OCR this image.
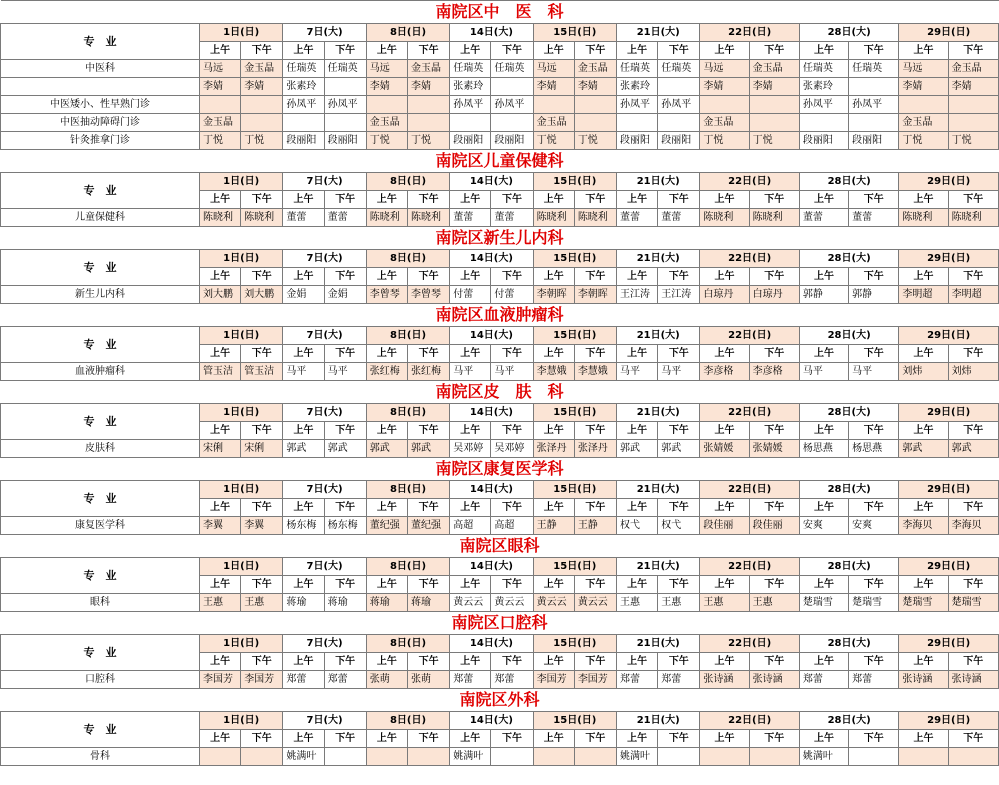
南院区中　医　科																		
专　业	1日(日)		7日(大)		8日(日)		14日(大)		15日(日)		21日(大)		22日(日)		28日(大)		29日(日)	
	上午	下午	上午	下午	上午	下午	上午	下午	上午	下午	上午	下午	上午	下午	上午	下午	上午	下午
中医科	马远	金玉晶	任瑞英	任瑞英	马远	金玉晶	任瑞英	任瑞英	马远	金玉晶	任瑞英	任瑞英	马远	金玉晶	任瑞英	任瑞英	马远	金玉晶
	李婧	李婧	张素玲		李婧	李婧	张素玲		李婧	李婧	张素玲		李婧	李婧	张素玲		李婧	李婧
中医矮小、性早熟门诊			孙凤平	孙凤平			孙凤平	孙凤平			孙凤平	孙凤平			孙凤平	孙凤平		
中医抽动障碍门诊	金玉晶				金玉晶				金玉晶				金玉晶				金玉晶	
针灸推拿门诊	丁悦	丁悦	段丽阳	段丽阳	丁悦	丁悦	段丽阳	段丽阳	丁悦	丁悦	段丽阳	段丽阳	丁悦	丁悦	段丽阳	段丽阳	丁悦	丁悦
南院区儿童保健科																		
专　业	1日(日)		7日(大)		8日(日)		14日(大)		15日(日)		21日(大)		22日(日)		28日(大)		29日(日)	
	上午	下午	上午	下午	上午	下午	上午	下午	上午	下午	上午	下午	上午	下午	上午	下午	上午	下午
儿童保健科	陈晓利	陈晓利	董蕾	董蕾	陈晓利	陈晓利	董蕾	董蕾	陈晓利	陈晓利	董蕾	董蕾	陈晓利	陈晓利	董蕾	董蕾	陈晓利	陈晓利
南院区新生儿内科																		
专　业	1日(日)		7日(大)		8日(日)		14日(大)		15日(日)		21日(大)		22日(日)		28日(大)		29日(日)	
	上午	下午	上午	下午	上午	下午	上午	下午	上午	下午	上午	下午	上午	下午	上午	下午	上午	下午
新生儿内科	刘大鹏	刘大鹏	金娟	金娟	李曾琴	李曾琴	付蕾	付蕾	李朝晖	李朝晖	王江涛	王江涛	白琼丹	白琼丹	郭静	郭静	李明超	李明超
南院区血液肿瘤科																		
专　业	1日(日)		7日(大)		8日(日)		14日(大)		15日(日)		21日(大)		22日(日)		28日(大)		29日(日)	
	上午	下午	上午	下午	上午	下午	上午	下午	上午	下午	上午	下午	上午	下午	上午	下午	上午	下午
血液肿瘤科	管玉洁	管玉洁	马平	马平	张红梅	张红梅	马平	马平	李慧娥	李慧娥	马平	马平	李彦格	李彦格	马平	马平	刘炜	刘炜
南院区皮　肤　科																		
专　业	1日(日)		7日(大)		8日(日)		14日(大)		15日(日)		21日(大)		22日(日)		28日(大)		29日(日)	
	上午	下午	上午	下午	上午	下午	上午	下午	上午	下午	上午	下午	上午	下午	上午	下午	上午	下午
皮肤科	宋俐	宋俐	郭武	郭武	郭武	郭武	吴邓婷	吴邓婷	张泽丹	张泽丹	郭武	郭武	张婧媛	张婧媛	杨思燕	杨思燕	郭武	郭武
南院区康复医学科																		
专　业	1日(日)		7日(大)		8日(日)		14日(大)		15日(日)		21日(大)		22日(日)		28日(大)		29日(日)	
	上午	下午	上午	下午	上午	下午	上午	下午	上午	下午	上午	下午	上午	下午	上午	下午	上午	下午
康复医学科	李翼	李翼	杨东梅	杨东梅	董纪强	董纪强	高超	高超	王静	王静	权弋	权弋	段佳丽	段佳丽	安爽	安爽	李海贝	李海贝
南院区眼科																		
专　业	1日(日)		7日(大)		8日(日)		14日(大)		15日(日)		21日(大)		22日(日)		28日(大)		29日(日)	
	上午	下午	上午	下午	上午	下午	上午	下午	上午	下午	上午	下午	上午	下午	上午	下午	上午	下午
眼科	王惠	王惠	蒋瑜	蒋瑜	蒋瑜	蒋瑜	黄云云	黄云云	黄云云	黄云云	王惠	王惠	王惠	王惠	楚瑞雪	楚瑞雪	楚瑞雪	楚瑞雪
南院区口腔科																		
专　业	1日(日)		7日(大)		8日(日)		14日(大)		15日(日)		21日(大)		22日(日)		28日(大)		29日(日)	
	上午	下午	上午	下午	上午	下午	上午	下午	上午	下午	上午	下午	上午	下午	上午	下午	上午	下午
口腔科	李国芳	李国芳	郑蕾	郑蕾	张萌	张萌	郑蕾	郑蕾	李国芳	李国芳	郑蕾	郑蕾	张诗涵	张诗涵	郑蕾	郑蕾	张诗涵	张诗涵
南院区外科																		
专　业	1日(日)		7日(大)		8日(日)		14日(大)		15日(日)		21日(大)		22日(日)		28日(大)		29日(日)	
	上午	下午	上午	下午	上午	下午	上午	下午	上午	下午	上午	下午	上午	下午	上午	下午	上午	下午
骨科			姚满叶				姚满叶				姚满叶				姚满叶			
